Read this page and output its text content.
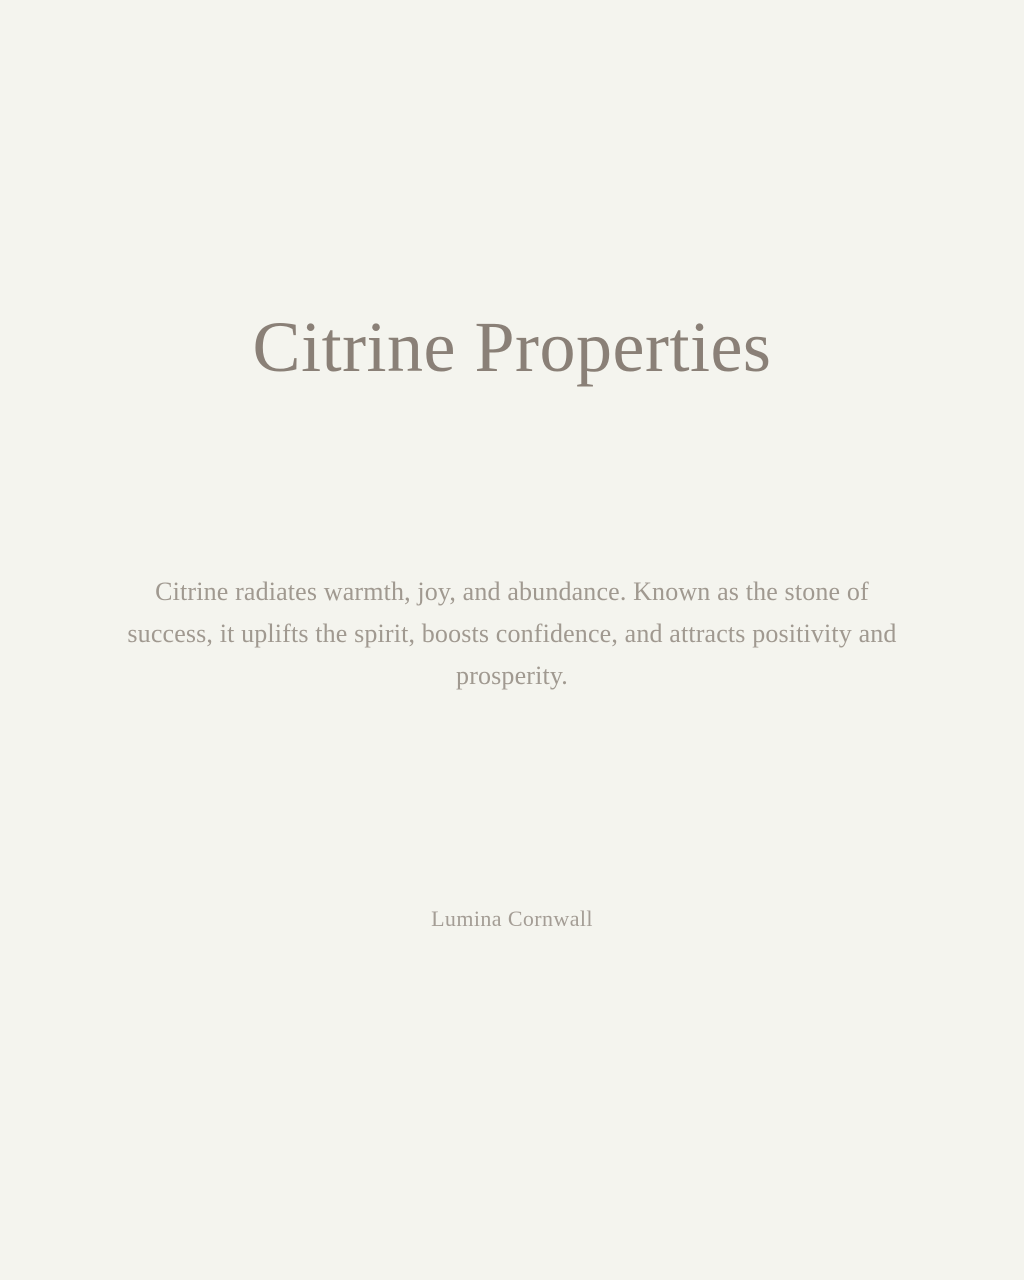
Citrine Properties

Citrine radiates warmth, joy, and abundance. Known as the stone of success, it uplifts the spirit, boosts confidence, and attracts positivity and prosperity.

Lumina Cornwall
